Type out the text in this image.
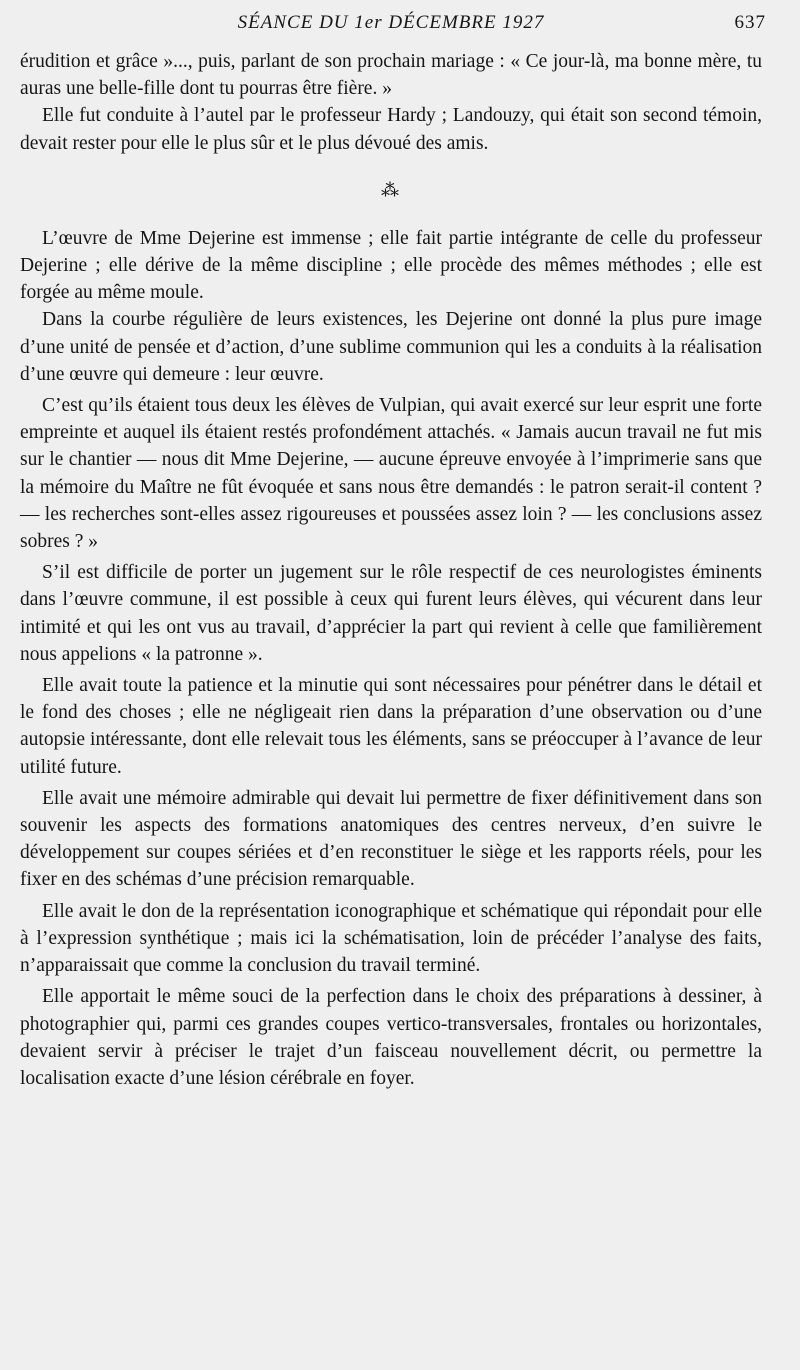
SÉANCE DU 1er DÉCEMBRE 1927	637

érudition et grâce »..., puis, parlant de son prochain mariage : « Ce jour-là, ma bonne mère, tu auras une belle-fille dont tu pourras être fière. »

Elle fut conduite à l’autel par le professeur Hardy ; Landouzy, qui était son second témoin, devait rester pour elle le plus sûr et le plus dévoué des amis.

⁂

L’œuvre de Mme Dejerine est immense ; elle fait partie intégrante de celle du professeur Dejerine ; elle dérive de la même discipline ; elle procède des mêmes méthodes ; elle est forgée au même moule.

Dans la courbe régulière de leurs existences, les Dejerine ont donné la plus pure image d’une unité de pensée et d’action, d’une sublime communion qui les a conduits à la réalisation d’une œuvre qui demeure : leur œuvre.

C’est qu’ils étaient tous deux les élèves de Vulpian, qui avait exercé sur leur esprit une forte empreinte et auquel ils étaient restés profondément attachés. « Jamais aucun travail ne fut mis sur le chantier — nous dit Mme Dejerine, — aucune épreuve envoyée à l’imprimerie sans que la mémoire du Maître ne fût évoquée et sans nous être demandés : le patron serait-il content ? — les recherches sont-elles assez rigoureuses et poussées assez loin ? — les conclusions assez sobres ? »

S’il est difficile de porter un jugement sur le rôle respectif de ces neurologistes éminents dans l’œuvre commune, il est possible à ceux qui furent leurs élèves, qui vécurent dans leur intimité et qui les ont vus au travail, d’apprécier la part qui revient à celle que familièrement nous appelions « la patronne ».

Elle avait toute la patience et la minutie qui sont nécessaires pour pénétrer dans le détail et le fond des choses ; elle ne négligeait rien dans la préparation d’une observation ou d’une autopsie intéressante, dont elle relevait tous les éléments, sans se préoccuper à l’avance de leur utilité future.

Elle avait une mémoire admirable qui devait lui permettre de fixer définitivement dans son souvenir les aspects des formations anatomiques des centres nerveux, d’en suivre le développement sur coupes sériées et d’en reconstituer le siège et les rapports réels, pour les fixer en des schémas d’une précision remarquable.

Elle avait le don de la représentation iconographique et schématique qui répondait pour elle à l’expression synthétique ; mais ici la schématisation, loin de précéder l’analyse des faits, n’apparaissait que comme la conclusion du travail terminé.

Elle apportait le même souci de la perfection dans le choix des préparations à dessiner, à photographier qui, parmi ces grandes coupes vertico-transversales, frontales ou horizontales, devaient servir à préciser le trajet d’un faisceau nouvellement décrit, ou permettre la localisation exacte d’une lésion cérébrale en foyer.
